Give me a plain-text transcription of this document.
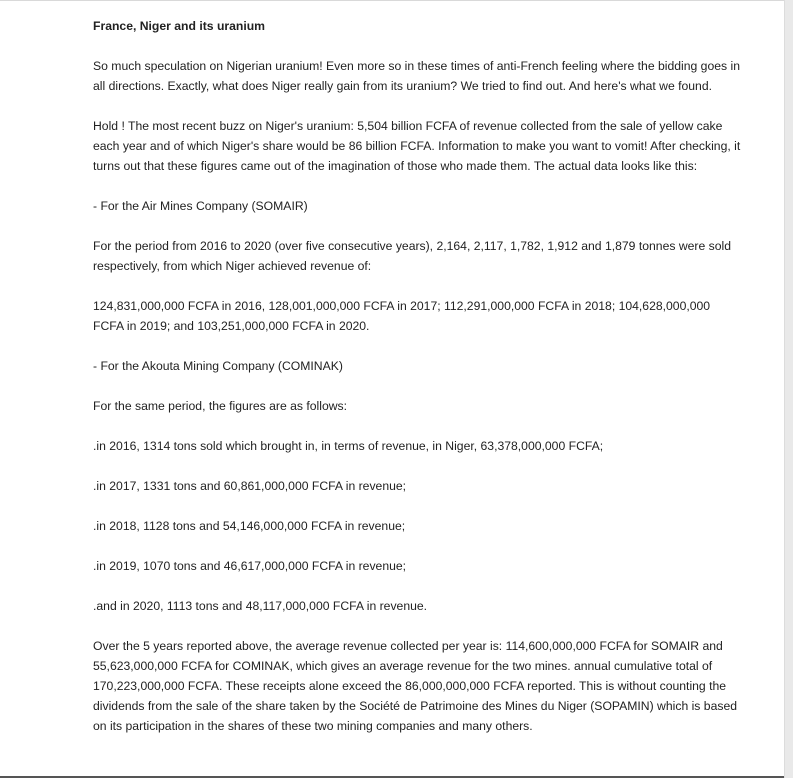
France, Niger and its uranium

So much speculation on Nigerian uranium! Even more so in these times of anti-French feeling where the bidding goes in all directions. Exactly, what does Niger really gain from its uranium? We tried to find out. And here's what we found.

Hold ! The most recent buzz on Niger's uranium: 5,504 billion FCFA of revenue collected from the sale of yellow cake each year and of which Niger's share would be 86 billion FCFA. Information to make you want to vomit! After checking, it turns out that these figures came out of the imagination of those who made them. The actual data looks like this:

- For the Air Mines Company (SOMAIR)

For the period from 2016 to 2020 (over five consecutive years), 2,164, 2,117, 1,782, 1,912 and 1,879 tonnes were sold respectively, from which Niger achieved revenue of:

124,831,000,000 FCFA in 2016, 128,001,000,000 FCFA in 2017; 112,291,000,000 FCFA in 2018; 104,628,000,000 FCFA in 2019; and 103,251,000,000 FCFA in 2020.

- For the Akouta Mining Company (COMINAK)

For the same period, the figures are as follows:

.in 2016, 1314 tons sold which brought in, in terms of revenue, in Niger, 63,378,000,000 FCFA;

.in 2017, 1331 tons and 60,861,000,000 FCFA in revenue;

.in 2018, 1128 tons and 54,146,000,000 FCFA in revenue;

.in 2019, 1070 tons and 46,617,000,000 FCFA in revenue;

.and in 2020, 1113 tons and 48,117,000,000 FCFA in revenue.

Over the 5 years reported above, the average revenue collected per year is: 114,600,000,000 FCFA for SOMAIR and 55,623,000,000 FCFA for COMINAK, which gives an average revenue for the two mines. annual cumulative total of 170,223,000,000 FCFA. These receipts alone exceed the 86,000,000,000 FCFA reported. This is without counting the dividends from the sale of the share taken by the Société de Patrimoine des Mines du Niger (SOPAMIN) which is based on its participation in the shares of these two mining companies and many others.
